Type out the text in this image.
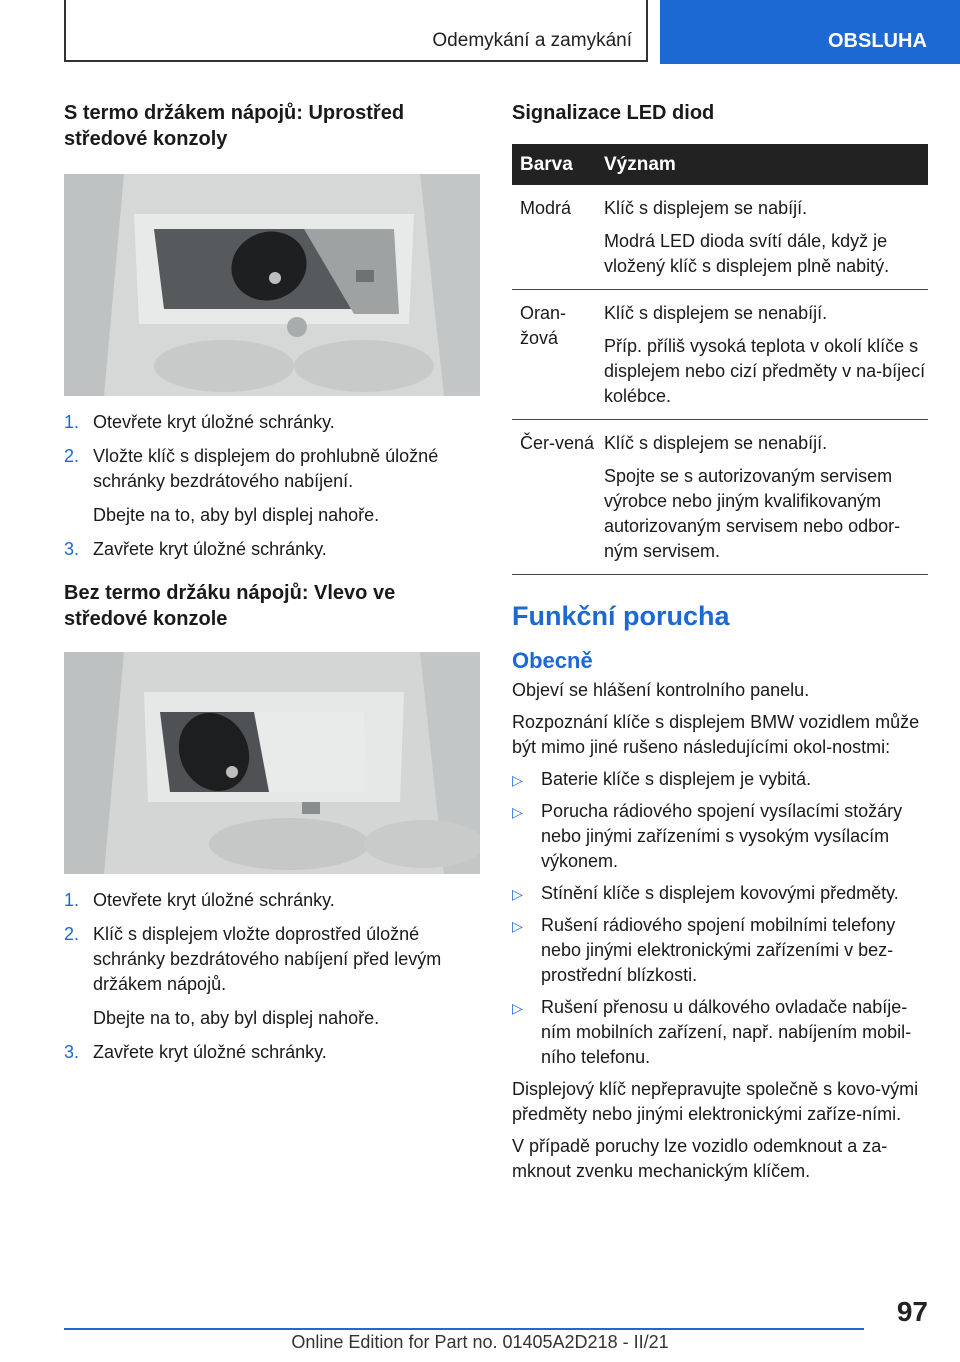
Odemykání a zamykání	OBSLUHA
S termo držákem nápojů: Uprostřed středové konzoly
1. Otevřete kryt úložné schránky.
2. Vložte klíč s displejem do prohlubně úložné schránky bezdrátového nabíjení.
Dbejte na to, aby byl displej nahoře.
3. Zavřete kryt úložné schránky.
Bez termo držáku nápojů: Vlevo ve středové konzole
1. Otevřete kryt úložné schránky.
2. Klíč s displejem vložte doprostřed úložné schránky bezdrátového nabíjení před levým držákem nápojů.
Dbejte na to, aby byl displej nahoře.
3. Zavřete kryt úložné schránky.
Signalizace LED diod
Barva	Význam
Modrá	Klíč s displejem se nabíjí.
Modrá LED dioda svítí dále, když je vložený klíč s displejem plně nabitý.

Oran-žová	Klíč s displejem se nenabíjí.
Příp. příliš vysoká teplota v okolí klíče s displejem nebo cizí předměty v na-bíjecí kolébce.

Čer-vená	Klíč s displejem se nenabíjí.
Spojte se s autorizovaným servisem výrobce nebo jiným kvalifikovaným autorizovaným servisem nebo odbor-ným servisem.
Funkční porucha
Obecně

Objeví se hlášení kontrolního panelu.

Rozpoznání klíče s displejem BMW vozidlem může být mimo jiné rušeno následujícími okol-nostmi:

▷ Baterie klíče s displejem je vybitá.
▷ Porucha rádiového spojení vysílacími stožáry nebo jinými zařízeními s vysokým vysílacím výkonem.
▷ Stínění klíče s displejem kovovými předměty.
▷ Rušení rádiového spojení mobilními telefony nebo jinými elektronickými zařízeními v bez-prostřední blízkosti.
▷ Rušení přenosu u dálkového ovladače nabíje-ním mobilních zařízení, např. nabíjením mobil-ního telefonu.

Displejový klíč nepřepravujte společně s kovo-vými předměty nebo jinými elektronickými zaříze-ními.

V případě poruchy lze vozidlo odemknout a za-mknout zvenku mechanickým klíčem.

97
Online Edition for Part no. 01405A2D218 - II/21
